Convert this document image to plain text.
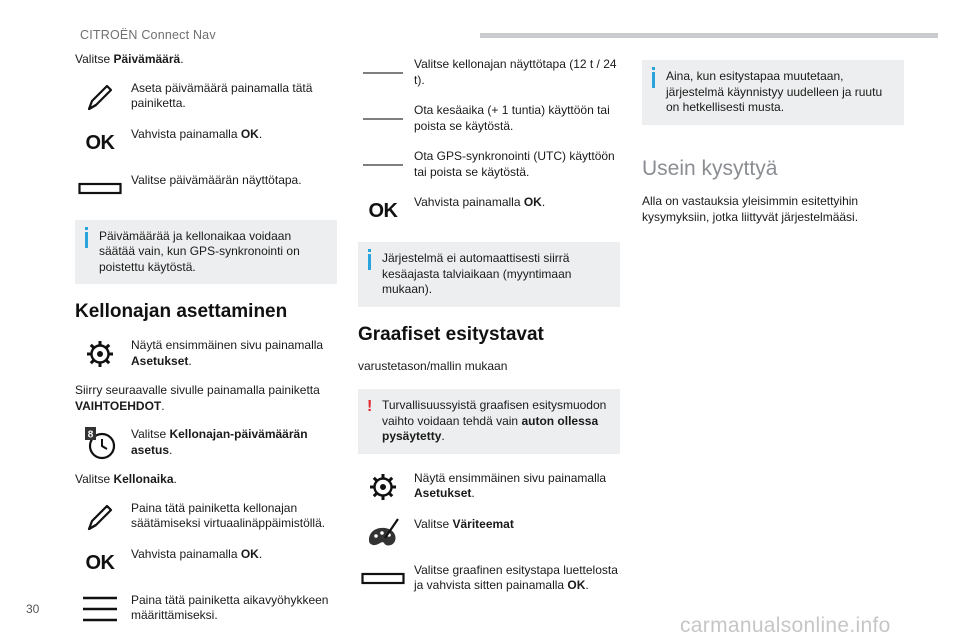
CITROËN Connect Nav

Valitse Päivämäärä.

Aseta päivämäärä painamalla tätä painiketta.
OK Vahvista painamalla OK.
Valitse päivämäärän näyttötapa.
Päivämäärää ja kellonaikaa voidaan säätää vain, kun GPS-synkronointi on poistettu käytöstä.
Kellonajan asettaminen
Näytä ensimmäinen sivu painamalla Asetukset.

Siirry seuraavalle sivulle painamalla painiketta VAIHTOEHDOT.

8	Valitse Kellonajan-päivämäärän asetus.

Valitse Kellonaika.

Paina tätä painiketta kellonajan säätämiseksi virtuaalinäppäimistöllä.
OK Vahvista painamalla OK.
Paina tätä painiketta aikavyöhykkeen määrittämiseksi.
Valitse kellonajan näyttötapa (12 t / 24 t).
Ota kesäaika (+ 1 tuntia) käyttöön tai poista se käytöstä.
Ota GPS-synkronointi (UTC) käyttöön tai poista se käytöstä.
OK Vahvista painamalla OK.
Järjestelmä ei automaattisesti siirrä kesäajasta talviaikaan (myyntimaan mukaan).
Graafiset esitystavat

varustetason/mallin mukaan

! Turvallisuussyistä graafisen esitysmuodon vaihto voidaan tehdä vain auton ollessa pysäytetty.
Näytä ensimmäinen sivu painamalla Asetukset.
Valitse Väriteemat
Valitse graafinen esitystapa luettelosta ja vahvista sitten painamalla OK.
Aina, kun esitystapaa muutetaan, järjestelmä käynnistyy uudelleen ja ruutu on hetkellisesti musta.
Usein kysyttyä

Alla on vastauksia yleisimmin esitettyihin kysymyksiin, jotka liittyvät järjestelmääsi.

30
carmanualsonline.info
